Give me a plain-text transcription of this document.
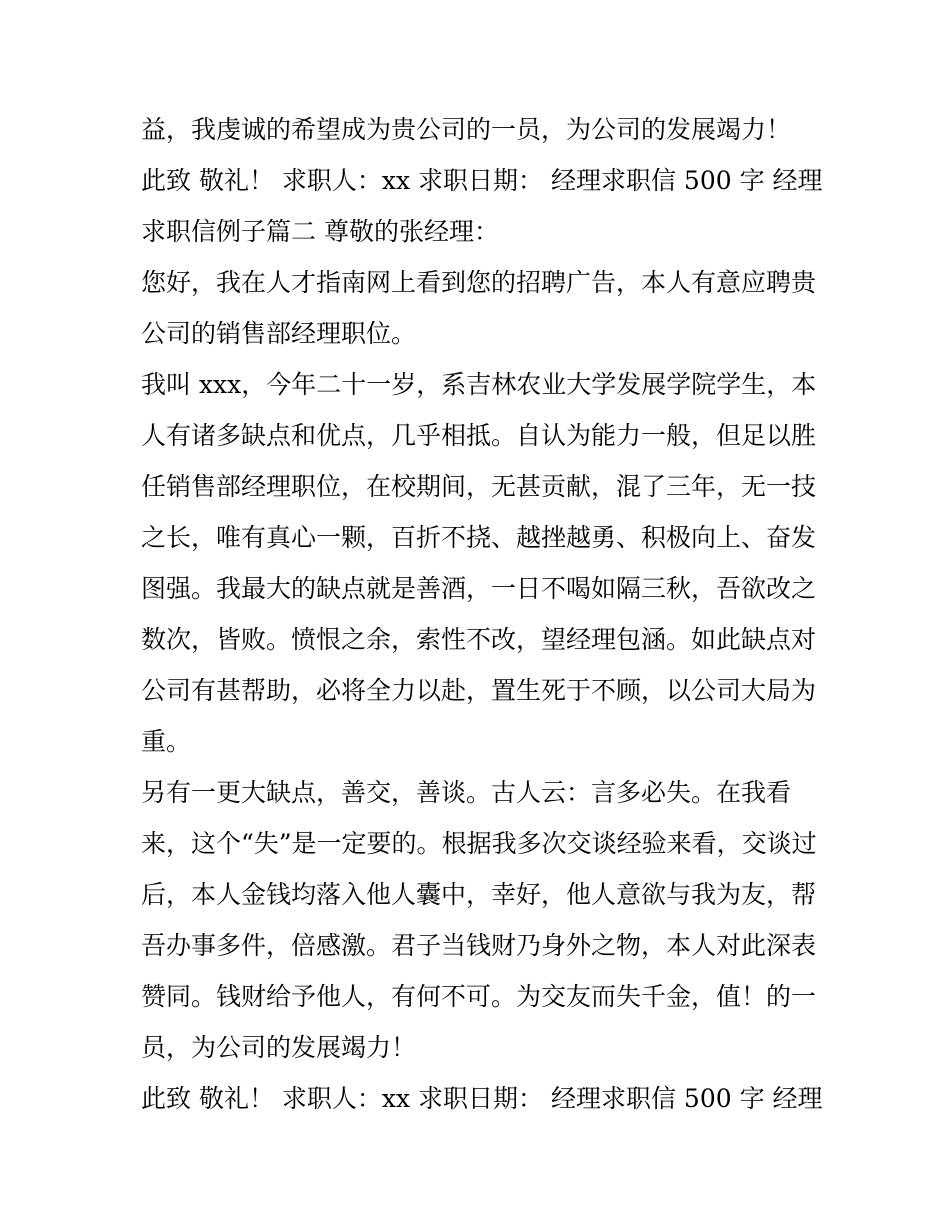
益，我虔诚的希望成为贵公司的一员，为公司的发展竭力！
此致 敬礼！ 求职人：xx 求职日期： 经理求职信 500 字 经理
求职信例子篇二 尊敬的张经理：
您好，我在人才指南网上看到您的招聘广告，本人有意应聘贵
公司的销售部经理职位。
我叫 xxx，今年二十一岁，系吉林农业大学发展学院学生，本
人有诸多缺点和优点，几乎相抵。自认为能力一般，但足以胜
任销售部经理职位，在校期间，无甚贡献，混了三年，无一技
之长，唯有真心一颗，百折不挠、越挫越勇、积极向上、奋发
图强。我最大的缺点就是善酒，一日不喝如隔三秋，吾欲改之
数次，皆败。愤恨之余，索性不改，望经理包涵。如此缺点对
公司有甚帮助，必将全力以赴，置生死于不顾，以公司大局为
重。
另有一更大缺点，善交，善谈。古人云：言多必失。在我看
来，这个“失”是一定要的。根据我多次交谈经验来看，交谈过
后，本人金钱均落入他人囊中，幸好，他人意欲与我为友，帮
吾办事多件，倍感激。君子当钱财乃身外之物，本人对此深表
赞同。钱财给予他人，有何不可。为交友而失千金，值！的一
员，为公司的发展竭力！
此致 敬礼！ 求职人：xx 求职日期： 经理求职信 500 字 经理
